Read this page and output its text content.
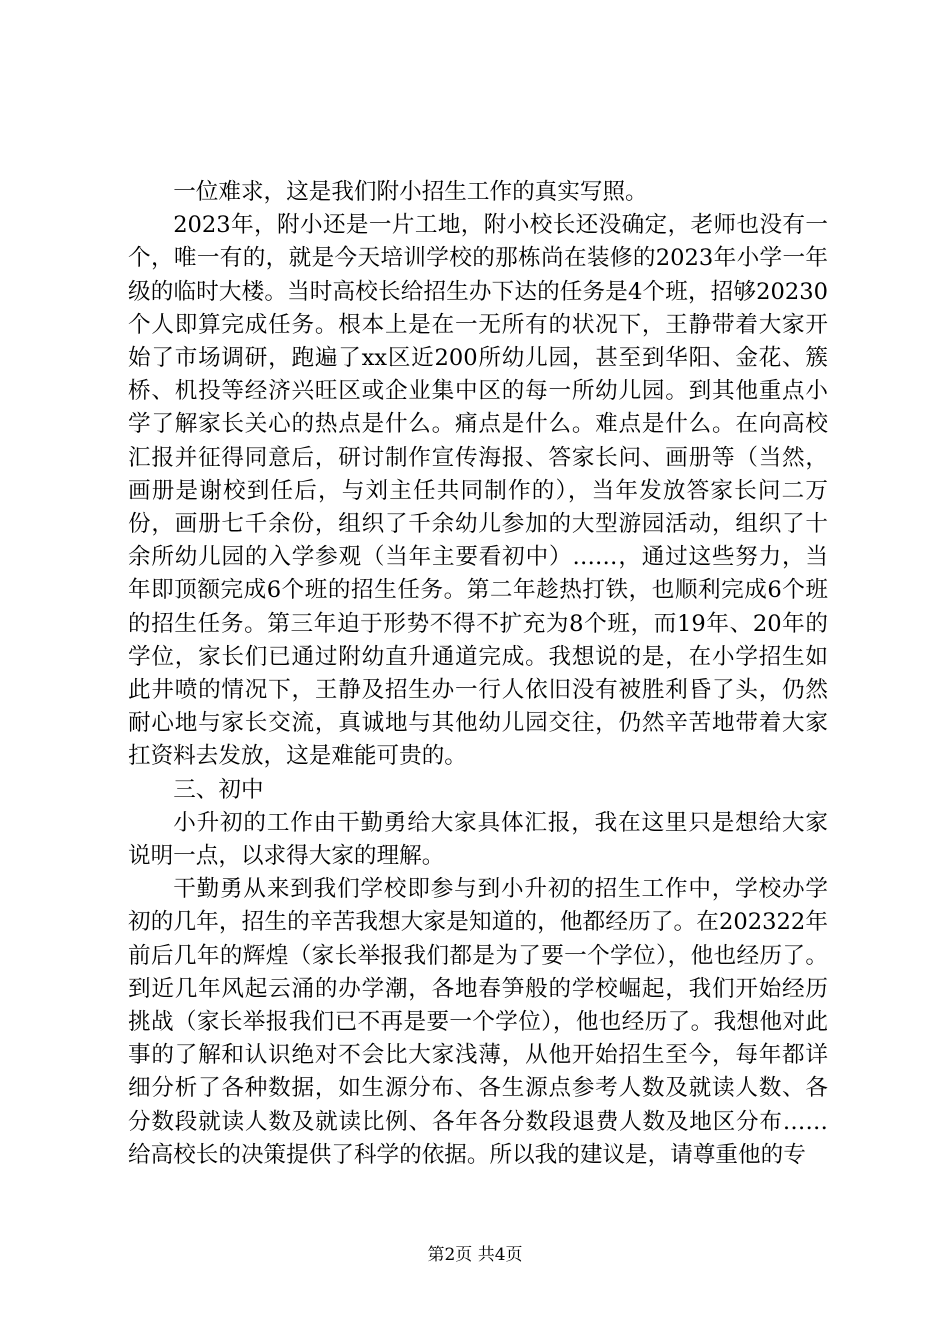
一位难求，这是我们附小招生工作的真实写照。

2023年，附小还是一片工地，附小校长还没确定，老师也没有一个，唯一有的，就是今天培训学校的那栋尚在装修的2023年小学一年级的临时大楼。当时高校长给招生办下达的任务是4个班，招够20230个人即算完成任务。根本上是在一无所有的状况下，王静带着大家开始了市场调研，跑遍了xx区近200所幼儿园，甚至到华阳、金花、簇桥、机投等经济兴旺区或企业集中区的每一所幼儿园。到其他重点小学了解家长关心的热点是什么。痛点是什么。难点是什么。在向高校汇报并征得同意后，研讨制作宣传海报、答家长问、画册等（当然，画册是谢校到任后，与刘主任共同制作的），当年发放答家长问二万份，画册七千余份，组织了千余幼儿参加的大型游园活动，组织了十余所幼儿园的入学参观（当年主要看初中）……，通过这些努力，当年即顶额完成6个班的招生任务。第二年趁热打铁，也顺利完成6个班的招生任务。第三年迫于形势不得不扩充为8个班，而19年、20年的学位，家长们已通过附幼直升通道完成。我想说的是，在小学招生如此井喷的情况下，王静及招生办一行人依旧没有被胜利昏了头，仍然耐心地与家长交流，真诚地与其他幼儿园交往，仍然辛苦地带着大家扛资料去发放，这是难能可贵的。

三、初中

小升初的工作由干勤勇给大家具体汇报，我在这里只是想给大家说明一点，以求得大家的理解。

干勤勇从来到我们学校即参与到小升初的招生工作中，学校办学初的几年，招生的辛苦我想大家是知道的，他都经历了。在202322年前后几年的辉煌（家长举报我们都是为了要一个学位），他也经历了。到近几年风起云涌的办学潮，各地春笋般的学校崛起，我们开始经历挑战（家长举报我们已不再是要一个学位），他也经历了。我想他对此事的了解和认识绝对不会比大家浅薄，从他开始招生至今，每年都详细分析了各种数据，如生源分布、各生源点参考人数及就读人数、各分数段就读人数及就读比例、各年各分数段退费人数及地区分布……给高校长的决策提供了科学的依据。所以我的建议是，请尊重他的专

第2页 共4页
